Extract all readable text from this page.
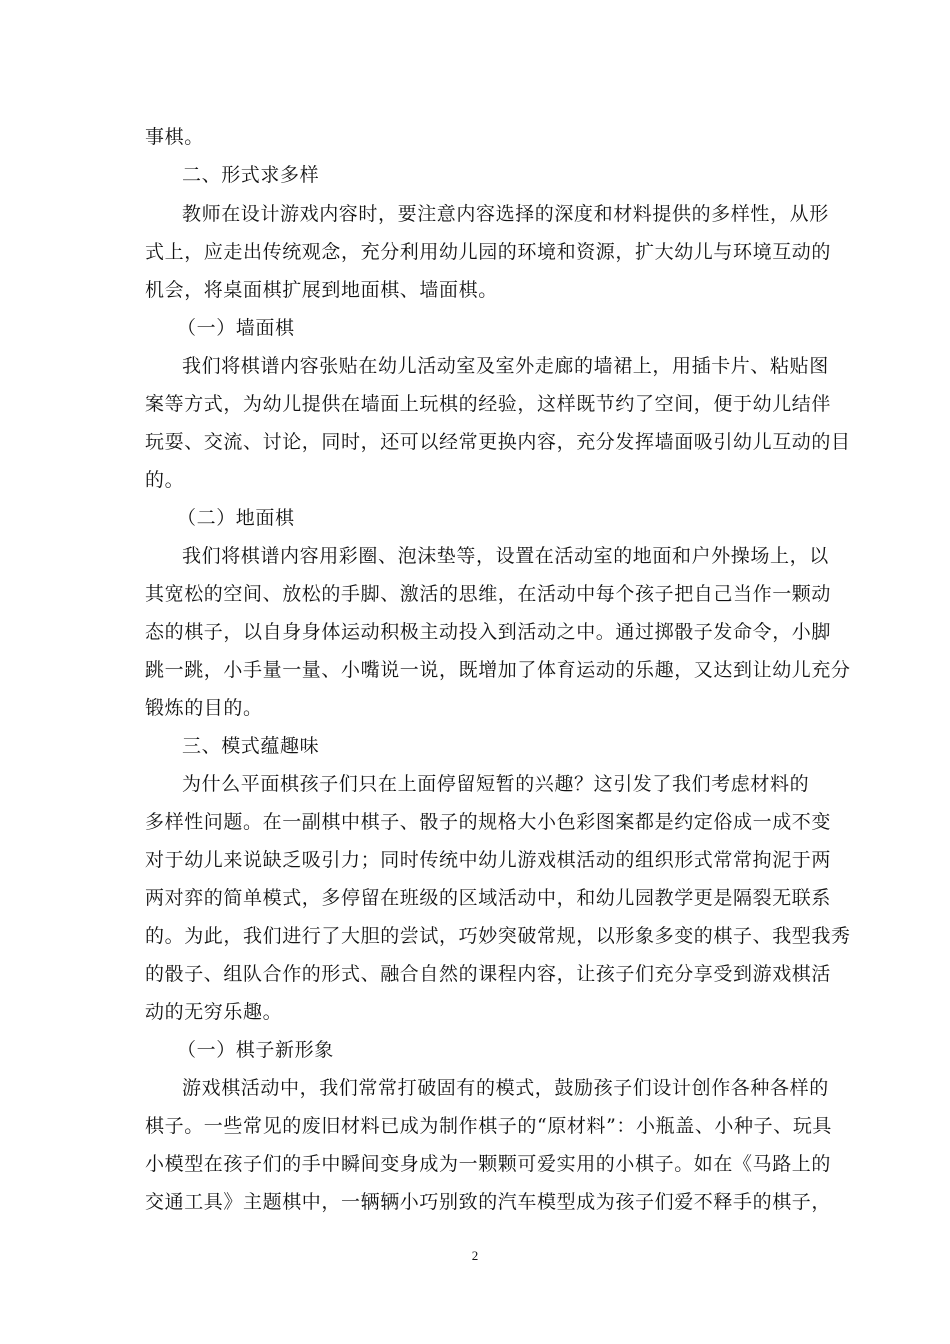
事棋。
二、形式求多样
教师在设计游戏内容时，要注意内容选择的深度和材料提供的多样性，从形
式上，应走出传统观念，充分利用幼儿园的环境和资源，扩大幼儿与环境互动的
机会，将桌面棋扩展到地面棋、墙面棋。
（一）墙面棋
我们将棋谱内容张贴在幼儿活动室及室外走廊的墙裙上，用插卡片、粘贴图
案等方式，为幼儿提供在墙面上玩棋的经验，这样既节约了空间，便于幼儿结伴
玩耍、交流、讨论，同时，还可以经常更换内容，充分发挥墙面吸引幼儿互动的目
的。
（二）地面棋
我们将棋谱内容用彩圈、泡沫垫等，设置在活动室的地面和户外操场上，以
其宽松的空间、放松的手脚、激活的思维，在活动中每个孩子把自己当作一颗动
态的棋子，以自身身体运动积极主动投入到活动之中。通过掷骰子发命令，小脚
跳一跳，小手量一量、小嘴说一说，既增加了体育运动的乐趣，又达到让幼儿充分
锻炼的目的。
三、模式蕴趣味
为什么平面棋孩子们只在上面停留短暂的兴趣？这引发了我们考虑材料的
多样性问题。在一副棋中棋子、骰子的规格大小色彩图案都是约定俗成一成不变
对于幼儿来说缺乏吸引力；同时传统中幼儿游戏棋活动的组织形式常常拘泥于两
两对弈的简单模式，多停留在班级的区域活动中，和幼儿园教学更是隔裂无联系
的。为此，我们进行了大胆的尝试，巧妙突破常规，以形象多变的棋子、我型我秀
的骰子、组队合作的形式、融合自然的课程内容，让孩子们充分享受到游戏棋活
动的无穷乐趣。
（一）棋子新形象
游戏棋活动中，我们常常打破固有的模式，鼓励孩子们设计创作各种各样的
棋子。一些常见的废旧材料已成为制作棋子的“原材料”：小瓶盖、小种子、玩具
小模型在孩子们的手中瞬间变身成为一颗颗可爱实用的小棋子。如在《马路上的
交通工具》主题棋中，一辆辆小巧别致的汽车模型成为孩子们爱不释手的棋子，
2
